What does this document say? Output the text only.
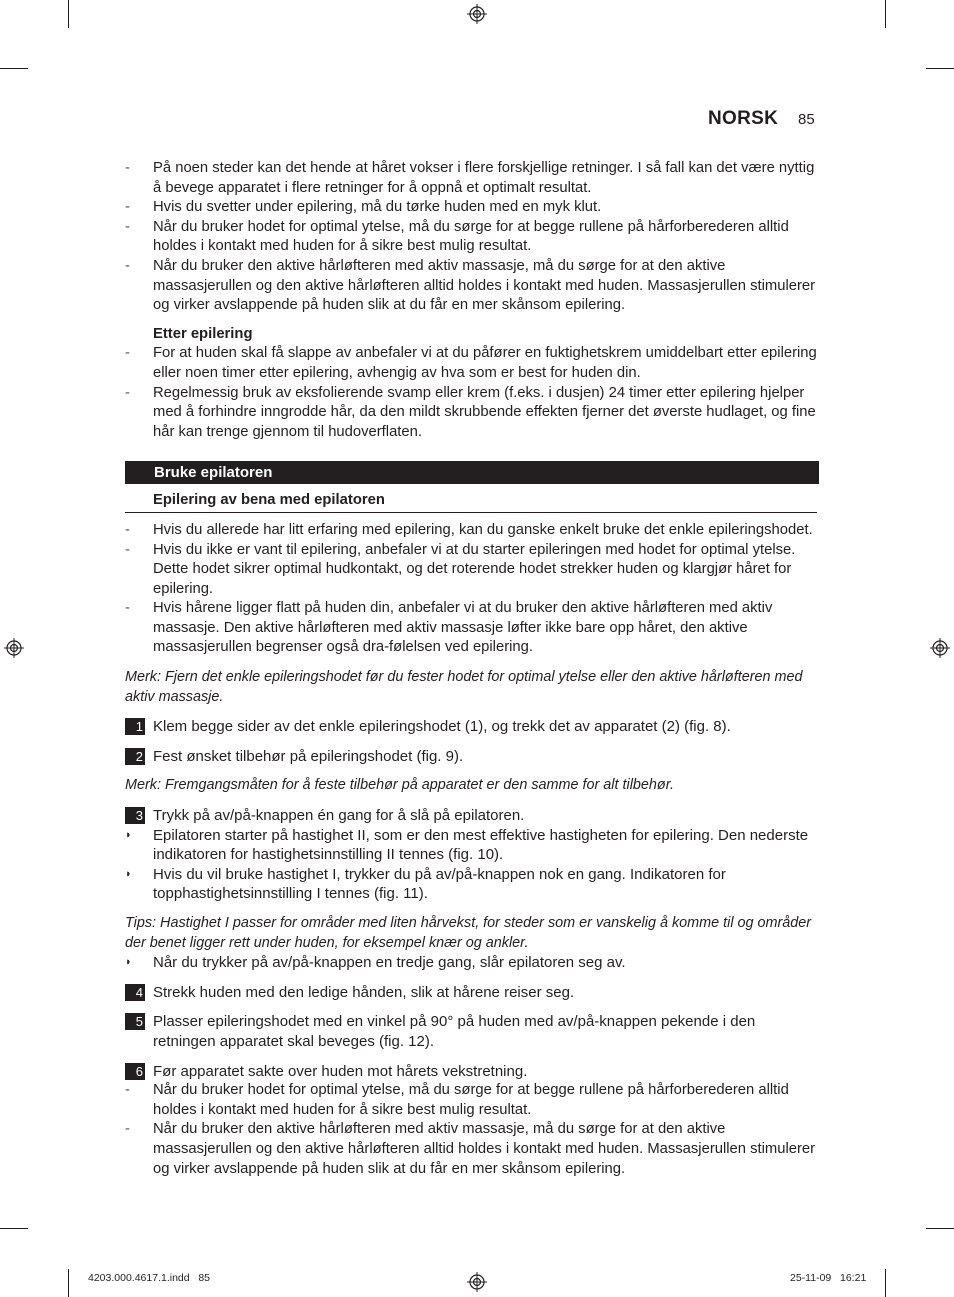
NORSK 85
- På noen steder kan det hende at håret vokser i flere forskjellige retninger. I så fall kan det være nyttig å bevege apparatet i flere retninger for å oppnå et optimalt resultat.
- Hvis du svetter under epilering, må du tørke huden med en myk klut.
- Når du bruker hodet for optimal ytelse, må du sørge for at begge rullene på hårforberederen alltid holdes i kontakt med huden for å sikre best mulig resultat.
- Når du bruker den aktive hårløfteren med aktiv massasje, må du sørge for at den aktive massasjerullen og den aktive hårløfteren alltid holdes i kontakt med huden. Massasjerullen stimulerer og virker avslappende på huden slik at du får en mer skånsom epilering.
Etter epilering
- For at huden skal få slappe av anbefaler vi at du påfører en fuktighetskrem umiddelbart etter epilering eller noen timer etter epilering, avhengig av hva som er best for huden din.
- Regelmessig bruk av eksfolierende svamp eller krem (f.eks. i dusjen) 24 timer etter epilering hjelper med å forhindre inngrodde hår, da den mildt skrubbende effekten fjerner det øverste hudlaget, og fine hår kan trenge gjennom til hudoverflaten.
Bruke epilatoren
Epilering av bena med epilatoren
- Hvis du allerede har litt erfaring med epilering, kan du ganske enkelt bruke det enkle epileringshodet.
- Hvis du ikke er vant til epilering, anbefaler vi at du starter epileringen med hodet for optimal ytelse. Dette hodet sikrer optimal hudkontakt, og det roterende hodet strekker huden og klargjør håret for epilering.
- Hvis hårene ligger flatt på huden din, anbefaler vi at du bruker den aktive hårløfteren med aktiv massasje. Den aktive hårløfteren med aktiv massasje løfter ikke bare opp håret, den aktive massasjerullen begrenser også dra-følelsen ved epilering.
Merk: Fjern det enkle epileringshodet før du fester hodet for optimal ytelse eller den aktive hårløfteren med aktiv massasje.
1 Klem begge sider av det enkle epileringshodet (1), og trekk det av apparatet (2) (fig. 8).
2 Fest ønsket tilbehør på epileringshodet (fig. 9).
Merk: Fremgangsmåten for å feste tilbehør på apparatet er den samme for alt tilbehør.
3 Trykk på av/på-knappen én gang for å slå på epilatoren.
◗ Epilatoren starter på hastighet II, som er den mest effektive hastigheten for epilering. Den nederste indikatoren for hastighetsinnstilling II tennes (fig. 10).
◗ Hvis du vil bruke hastighet I, trykker du på av/på-knappen nok en gang. Indikatoren for topphastighetsinnstilling I tennes (fig. 11).
Tips: Hastighet I passer for områder med liten hårvekst, for steder som er vanskelig å komme til og områder der benet ligger rett under huden, for eksempel knær og ankler.
◗ Når du trykker på av/på-knappen en tredje gang, slår epilatoren seg av.
4 Strekk huden med den ledige hånden, slik at hårene reiser seg.
5 Plasser epileringshodet med en vinkel på 90° på huden med av/på-knappen pekende i den retningen apparatet skal beveges (fig. 12).
6 Før apparatet sakte over huden mot hårets vekstretning.
- Når du bruker hodet for optimal ytelse, må du sørge for at begge rullene på hårforberederen alltid holdes i kontakt med huden for å sikre best mulig resultat.
- Når du bruker den aktive hårløfteren med aktiv massasje, må du sørge for at den aktive massasjerullen og den aktive hårløfteren alltid holdes i kontakt med huden. Massasjerullen stimulerer og virker avslappende på huden slik at du får en mer skånsom epilering.
4203.000.4617.1.indd   85	25-11-09   16:21
